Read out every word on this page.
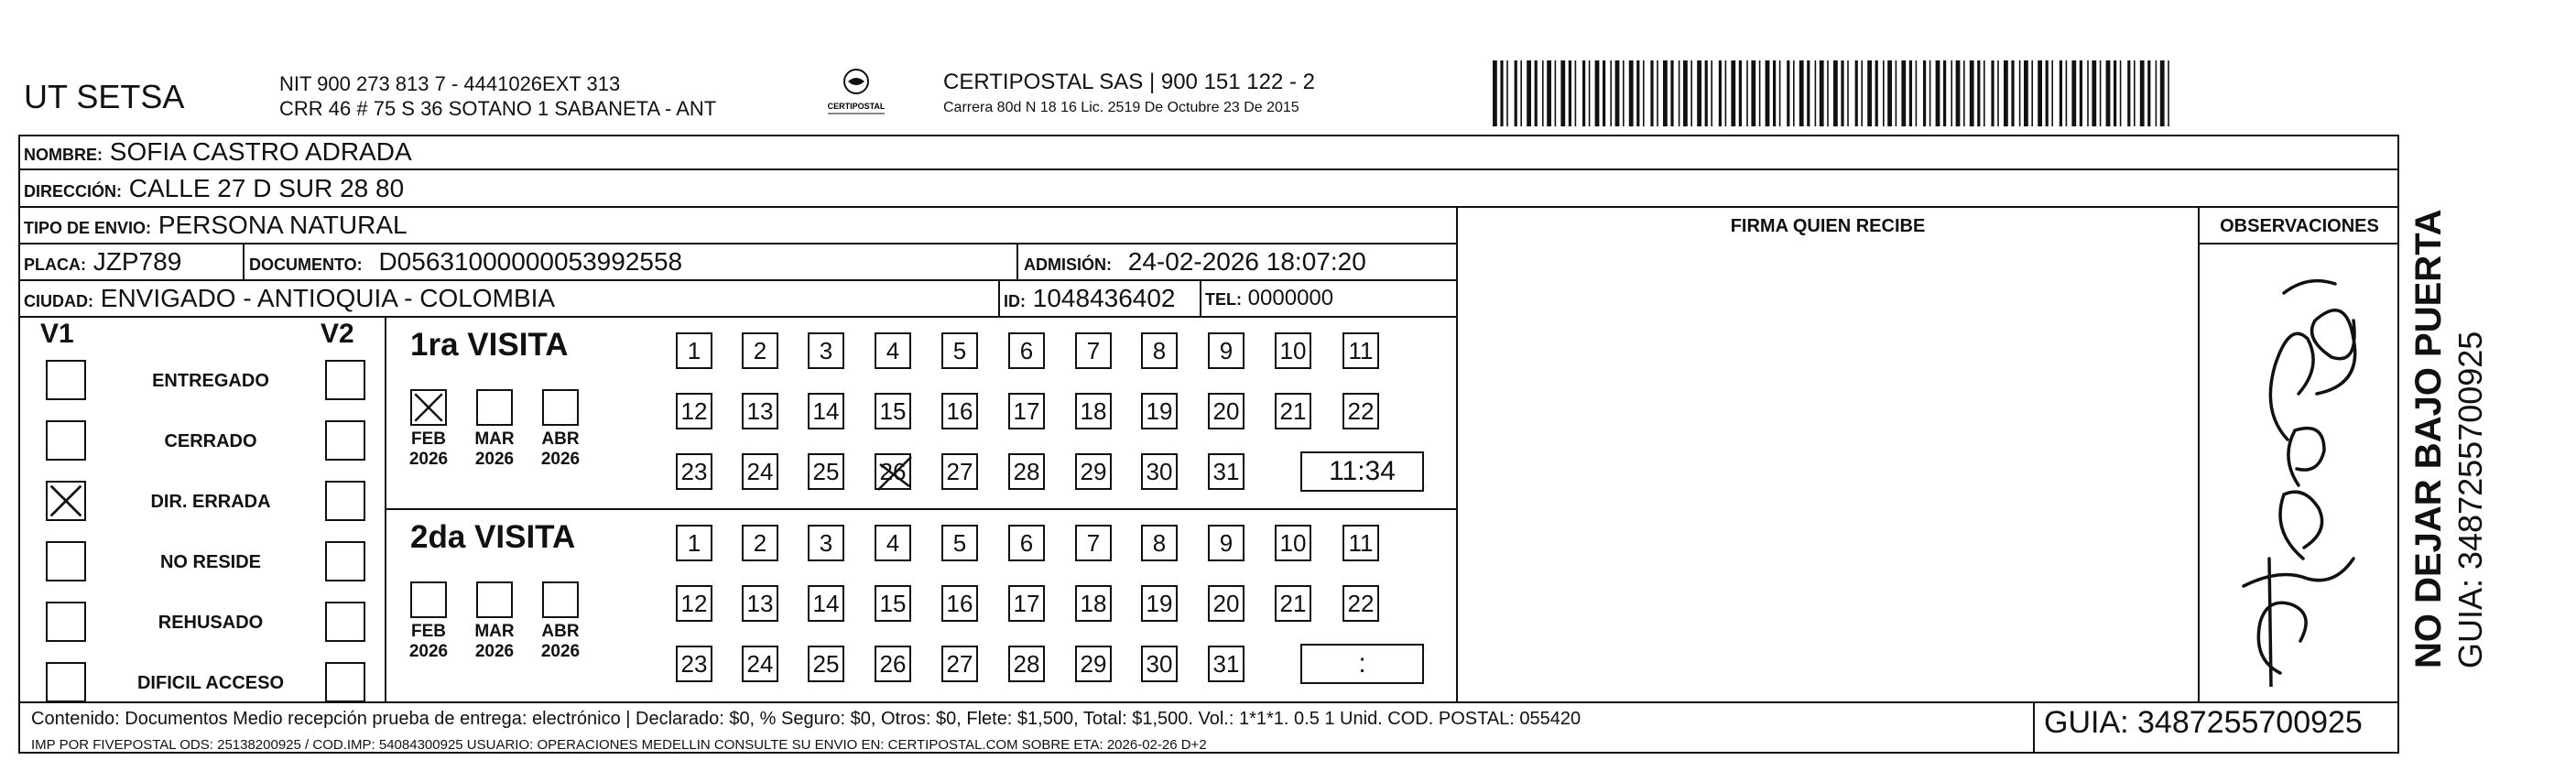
UT SETSA	NIT 900 273 813 7 - 4441026EXT 313
CRR 46 # 75 S 36 SOTANO 1 SABANETA - ANT	CERTIPOSTAL
CERTIPOSTAL SAS | 900 151 122 - 2
Carrera 80d N 18 16 Lic. 2519 De Octubre 23 De 2015
NOMBRE: SOFIA CASTRO ADRADA
DIRECCIÓN: CALLE 27 D SUR 28 80
TIPO DE ENVIO: PERSONA NATURAL	FIRMA QUIEN RECIBE	OBSERVACIONES
PLACA: JZP789	DOCUMENTO: D05631000000053992558	ADMISIÓN: 24-02-2026 18:07:20
CIUDAD: ENVIGADO - ANTIOQUIA - COLOMBIA	ID: 1048436402 TEL: 0000000
V1	V2
ENTREGADO
CERRADO
DIR. ERRADA
NO RESIDE
REHUSADO
DIFICIL ACCESO
1ra VISITA
FEB
2026
MAR
2026
ABR
2026
1	2	3	4	5	6	7	8	9	10 11
12 13 14 15 16 17 18 19 20 21 22
23 24 25 26 27 28 29 30 31	11:34
2da VISITA
FEB
2026
MAR
2026
ABR
2026
1	2	3	4	5	6	7	8	9	10 11
12 13 14 15 16 17 18 19 20 21 22
23 24 25 26 27 28 29 30 31	:
Contenido: Documentos Medio recepción prueba de entrega: electrónico | Declarado: $0, % Seguro: $0, Otros: $0, Flete: $1,500, Total: $1,500. Vol.: 1*1*1. 0.5 1 Unid. COD. POSTAL: 055420
IMP POR FIVEPOSTAL ODS: 25138200925 / COD.IMP: 54084300925 USUARIO: OPERACIONES MEDELLIN CONSULTE SU ENVIO EN: CERTIPOSTAL.COM SOBRE ETA: 2026-02-26 D+2
GUIA: 3487255700925
NO DEJAR BAJO PUERTA GUIA: 3487255700925
